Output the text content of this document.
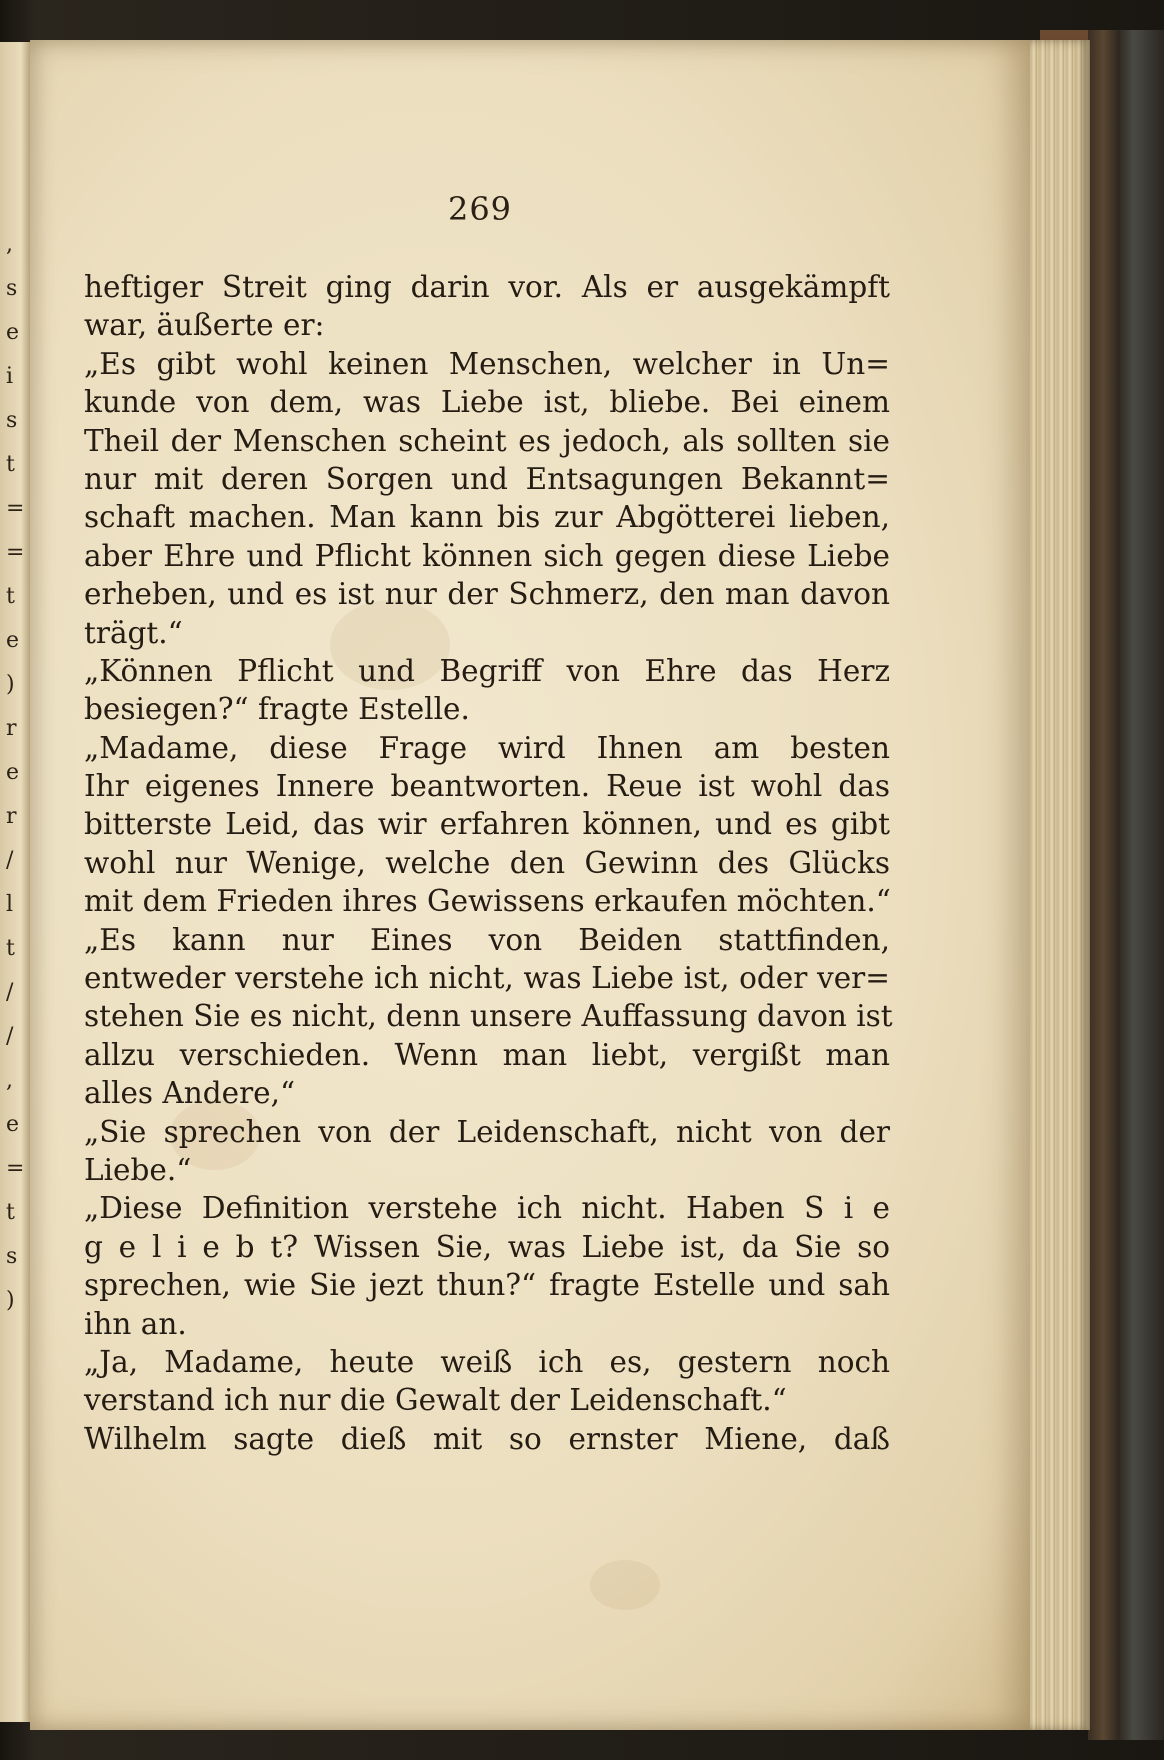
,
s
e
i
s
t
=
=
t
e
)
r
e
r
/
l
t
/
/
,
e
=
t
s
)
269
heftiger Streit ging darin vor. Als er ausgekämpft
war, äußerte er:
„Es gibt wohl keinen Menschen, welcher in Un=
kunde von dem, was Liebe ist, bliebe. Bei einem
Theil der Menschen scheint es jedoch, als sollten sie
nur mit deren Sorgen und Entsagungen Bekannt=
schaft machen. Man kann bis zur Abgötterei lieben,
aber Ehre und Pflicht können sich gegen diese Liebe
erheben, und es ist nur der Schmerz, den man davon
trägt.“
„Können Pflicht und Begriff von Ehre das Herz
besiegen?“ fragte Estelle.
„Madame, diese Frage wird Ihnen am besten
Ihr eigenes Innere beantworten. Reue ist wohl das
bitterste Leid, das wir erfahren können, und es gibt
wohl nur Wenige, welche den Gewinn des Glücks
mit dem Frieden ihres Gewissens erkaufen möchten.“
„Es kann nur Eines von Beiden stattfinden,
entweder verstehe ich nicht, was Liebe ist, oder ver=
stehen Sie es nicht, denn unsere Auffassung davon ist
allzu verschieden. Wenn man liebt, vergißt man
alles Andere,“
„Sie sprechen von der Leidenschaft, nicht von der
Liebe.“
„Diese Definition verstehe ich nicht. Haben S i e
g e l i e b t? Wissen Sie, was Liebe ist, da Sie so
sprechen, wie Sie jezt thun?“ fragte Estelle und sah
ihn an.
„Ja, Madame, heute weiß ich es, gestern noch
verstand ich nur die Gewalt der Leidenschaft.“
Wilhelm sagte dieß mit so ernster Miene, daß
